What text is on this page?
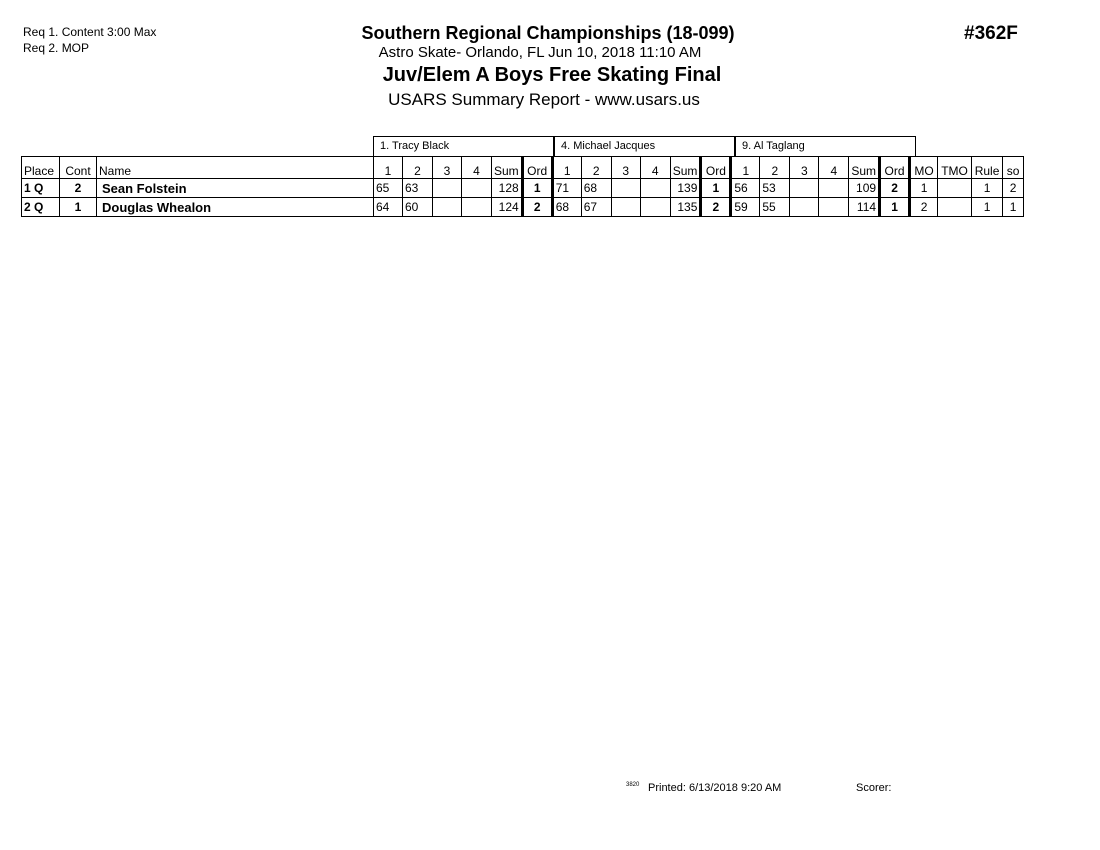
Req 1. Content 3:00 Max
Req 2. MOP
Southern Regional Championships (18-099)
Astro Skate- Orlando, FL Jun 10, 2018 11:10 AM
Juv/Elem A Boys Free Skating Final
USARS Summary Report - www.usars.us
#362F
1. Tracy Black	4. Michael Jacques	9. Al Taglang
Place	Cont	Name	1	2	3	4	Sum	Ord	1	2	3	4	Sum	Ord	1	2	3	4	Sum	Ord	MO	TMO	Rule	so
1 Q	2	Sean Folstein	65	63			128	1	71	68			139	1	56	53			109	2	1		1	2
2 Q	1	Douglas Whealon	64	60			124	2	68	67			135	2	59	55			114	1	2		1	1
3820 Printed: 6/13/2018 9:20 AM	Scorer:
